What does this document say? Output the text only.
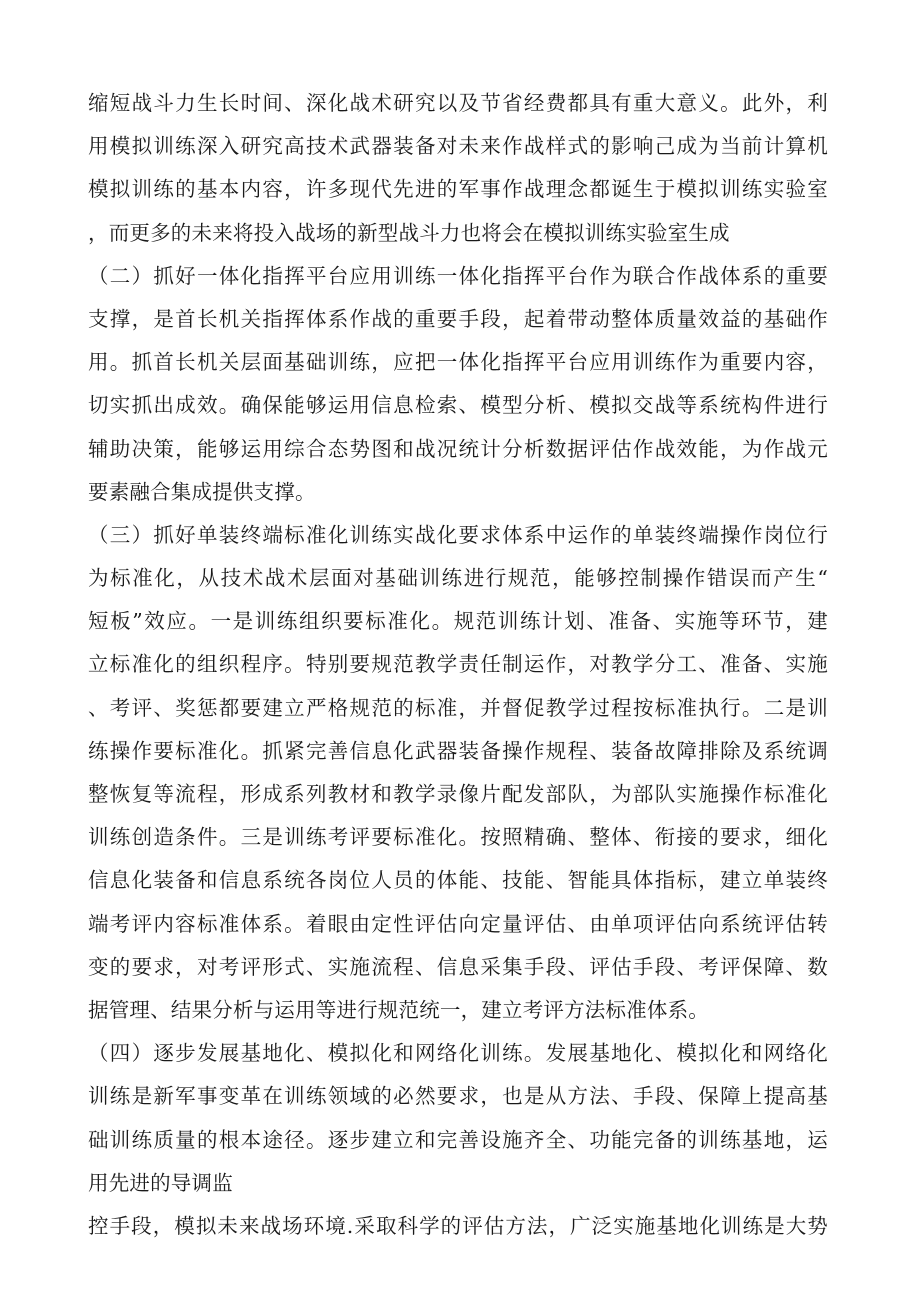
缩短战斗力生长时间、深化战术研究以及节省经费都具有重大意义。此外，利
用模拟训练深入研究高技术武器装备对未来作战样式的影响己成为当前计算机
模拟训练的基本内容，许多现代先进的军事作战理念都诞生于模拟训练实验室
，而更多的未来将投入战场的新型战斗力也将会在模拟训练实验室生成
（二）抓好一体化指挥平台应用训练一体化指挥平台作为联合作战体系的重要
支撑，是首长机关指挥体系作战的重要手段，起着带动整体质量效益的基础作
用。抓首长机关层面基础训练，应把一体化指挥平台应用训练作为重要内容，
切实抓出成效。确保能够运用信息检索、模型分析、模拟交战等系统构件进行
辅助决策，能够运用综合态势图和战况统计分析数据评估作战效能，为作战元
要素融合集成提供支撑。
（三）抓好单装终端标准化训练实战化要求体系中运作的单装终端操作岗位行
为标准化，从技术战术层面对基础训练进行规范，能够控制操作错误而产生“
短板”效应。一是训练组织要标准化。规范训练计划、准备、实施等环节，建
立标准化的组织程序。特别要规范教学责任制运作，对教学分工、准备、实施
、考评、奖惩都要建立严格规范的标准，并督促教学过程按标准执行。二是训
练操作要标准化。抓紧完善信息化武器装备操作规程、装备故障排除及系统调
整恢复等流程，形成系列教材和教学录像片配发部队，为部队实施操作标准化
训练创造条件。三是训练考评要标准化。按照精确、整体、衔接的要求，细化
信息化装备和信息系统各岗位人员的体能、技能、智能具体指标，建立单装终
端考评内容标准体系。着眼由定性评估向定量评估、由单项评估向系统评估转
变的要求，对考评形式、实施流程、信息采集手段、评估手段、考评保障、数
据管理、结果分析与运用等进行规范统一，建立考评方法标准体系。
（四）逐步发展基地化、模拟化和网络化训练。发展基地化、模拟化和网络化
训练是新军事变革在训练领域的必然要求，也是从方法、手段、保障上提高基
础训练质量的根本途径。逐步建立和完善设施齐全、功能完备的训练基地，运
用先进的导调监
控手段，模拟未来战场环境.采取科学的评估方法，广泛实施基地化训练是大势
